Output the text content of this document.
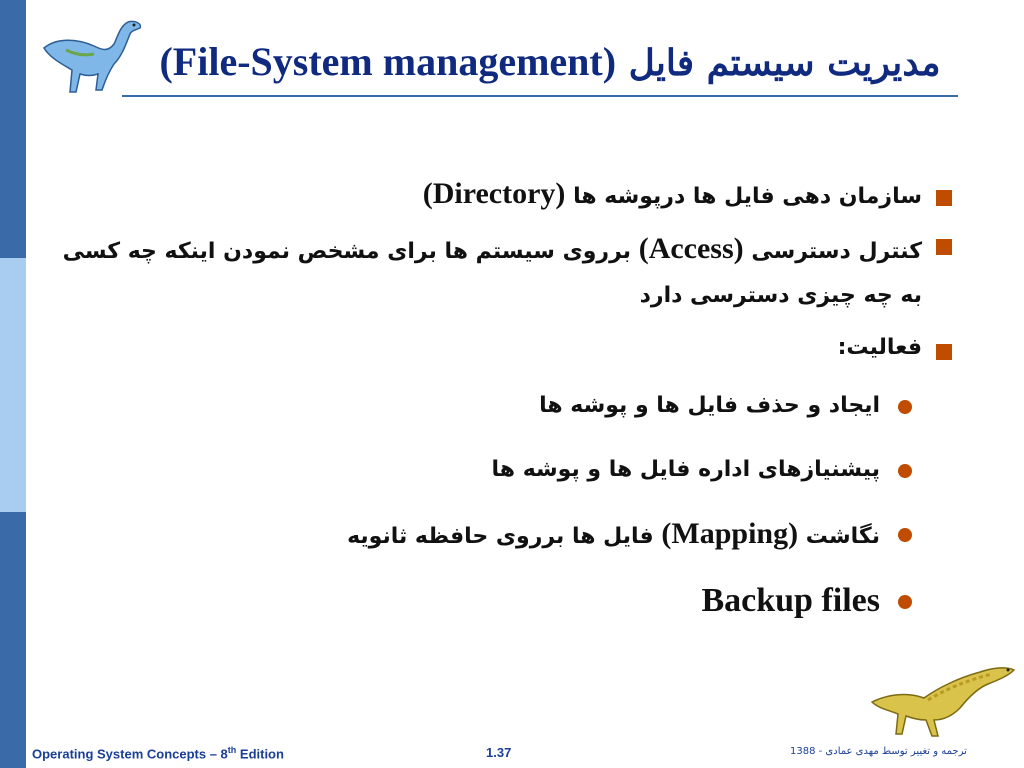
مدیریت سیستم فایل (File-System management)
سازمان دهی فایل ها درپوشه ها (Directory)
کنترل دسترسی (Access) برروی سیستم ها برای مشخص نمودن اینکه چه کسی به چه چیزی دسترسی دارد
فعالیت:
ایجاد و حذف فایل ها و پوشه ها
پیشنیازهای اداره فایل ها و پوشه ها
نگاشت (Mapping) فایل ها برروی حافظه ثانویه
Backup files
Operating System Concepts – 8th Edition	1.37	ترجمه و تغییر توسط مهدی عمادی - 1388
